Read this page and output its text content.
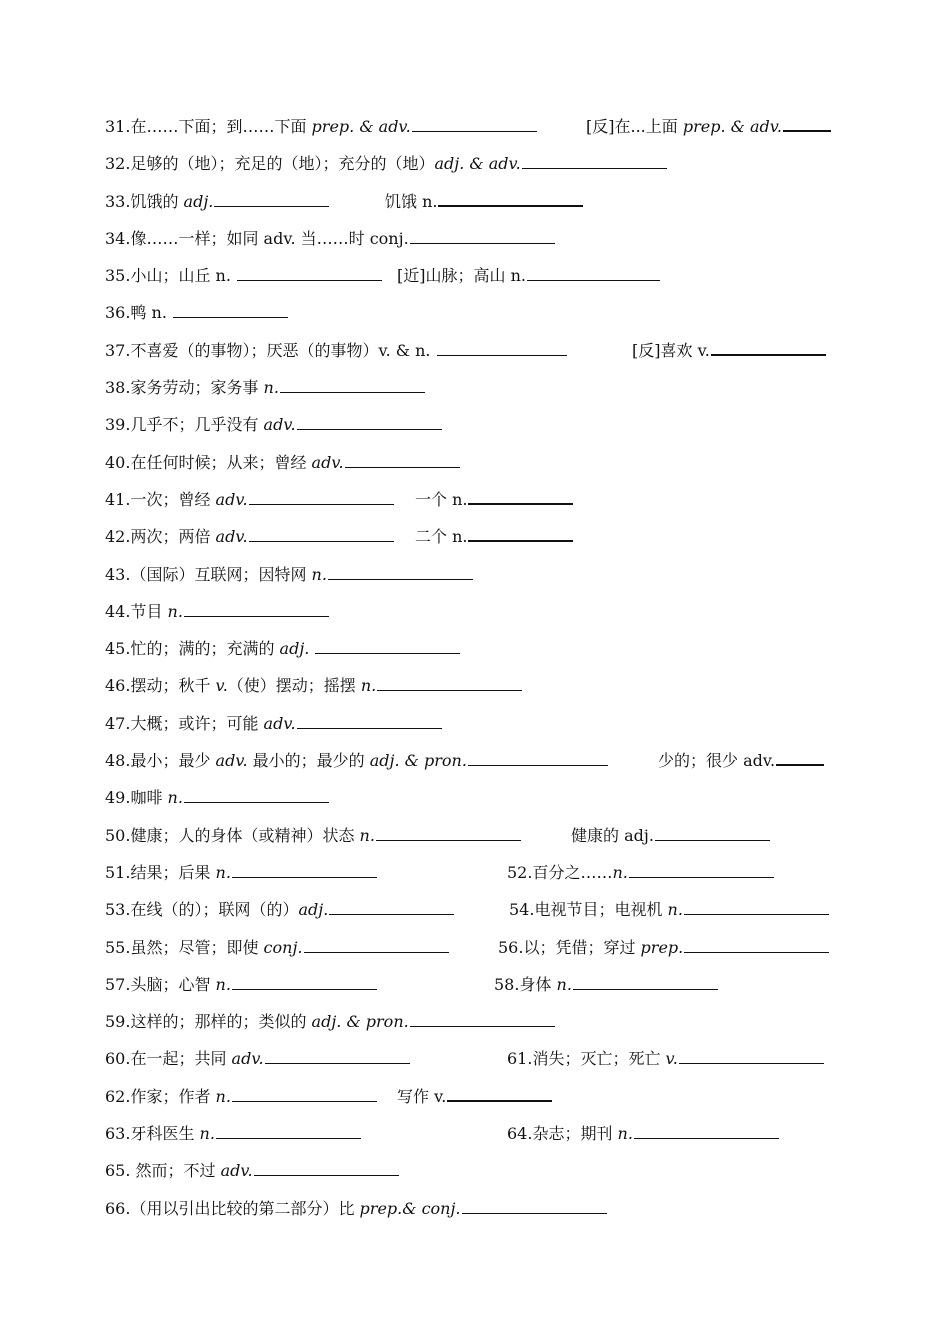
31.在……下面；到……下面 prep. & adv.	[反]在...上面 prep. & adv.
32.足够的（地）；充足的（地）；充分的（地）adj. & adv.
33.饥饿的 adj.	饥饿 n.
34.像……一样；如同 adv. 当……时 conj.
35.小山；山丘 n.	[近]山脉；高山 n.
36.鸭 n.
37.不喜爱（的事物）；厌恶（的事物）v. & n.	[反]喜欢 v.
38.家务劳动；家务事 n.
39.几乎不；几乎没有 adv.
40.在任何时候；从来；曾经 adv.
41.一次；曾经 adv.	一个 n.
42.两次；两倍 adv.	二个 n.
43.（国际）互联网；因特网 n.
44.节目 n.
45.忙的；满的；充满的 adj.
46.摆动；秋千 v.（使）摆动；摇摆 n.
47.大概；或许；可能 adv.
48.最小；最少 adv. 最小的；最少的 adj. & pron.	少的；很少 adv.
49.咖啡 n.
50.健康；人的身体（或精神）状态 n.	健康的 adj.
51.结果；后果 n.	52.百分之……n.
53.在线（的）；联网（的）adj.	54.电视节目；电视机 n.
55.虽然；尽管；即使 conj.	56.以；凭借；穿过 prep.
57.头脑；心智 n.	58.身体 n.
59.这样的；那样的；类似的 adj. & pron.
60.在一起；共同 adv.	61.消失；灭亡；死亡 v.
62.作家；作者 n.	写作 v.
63.牙科医生 n.	64.杂志；期刊 n.
65. 然而；不过 adv.
66.（用以引出比较的第二部分）比 prep.& conj.
